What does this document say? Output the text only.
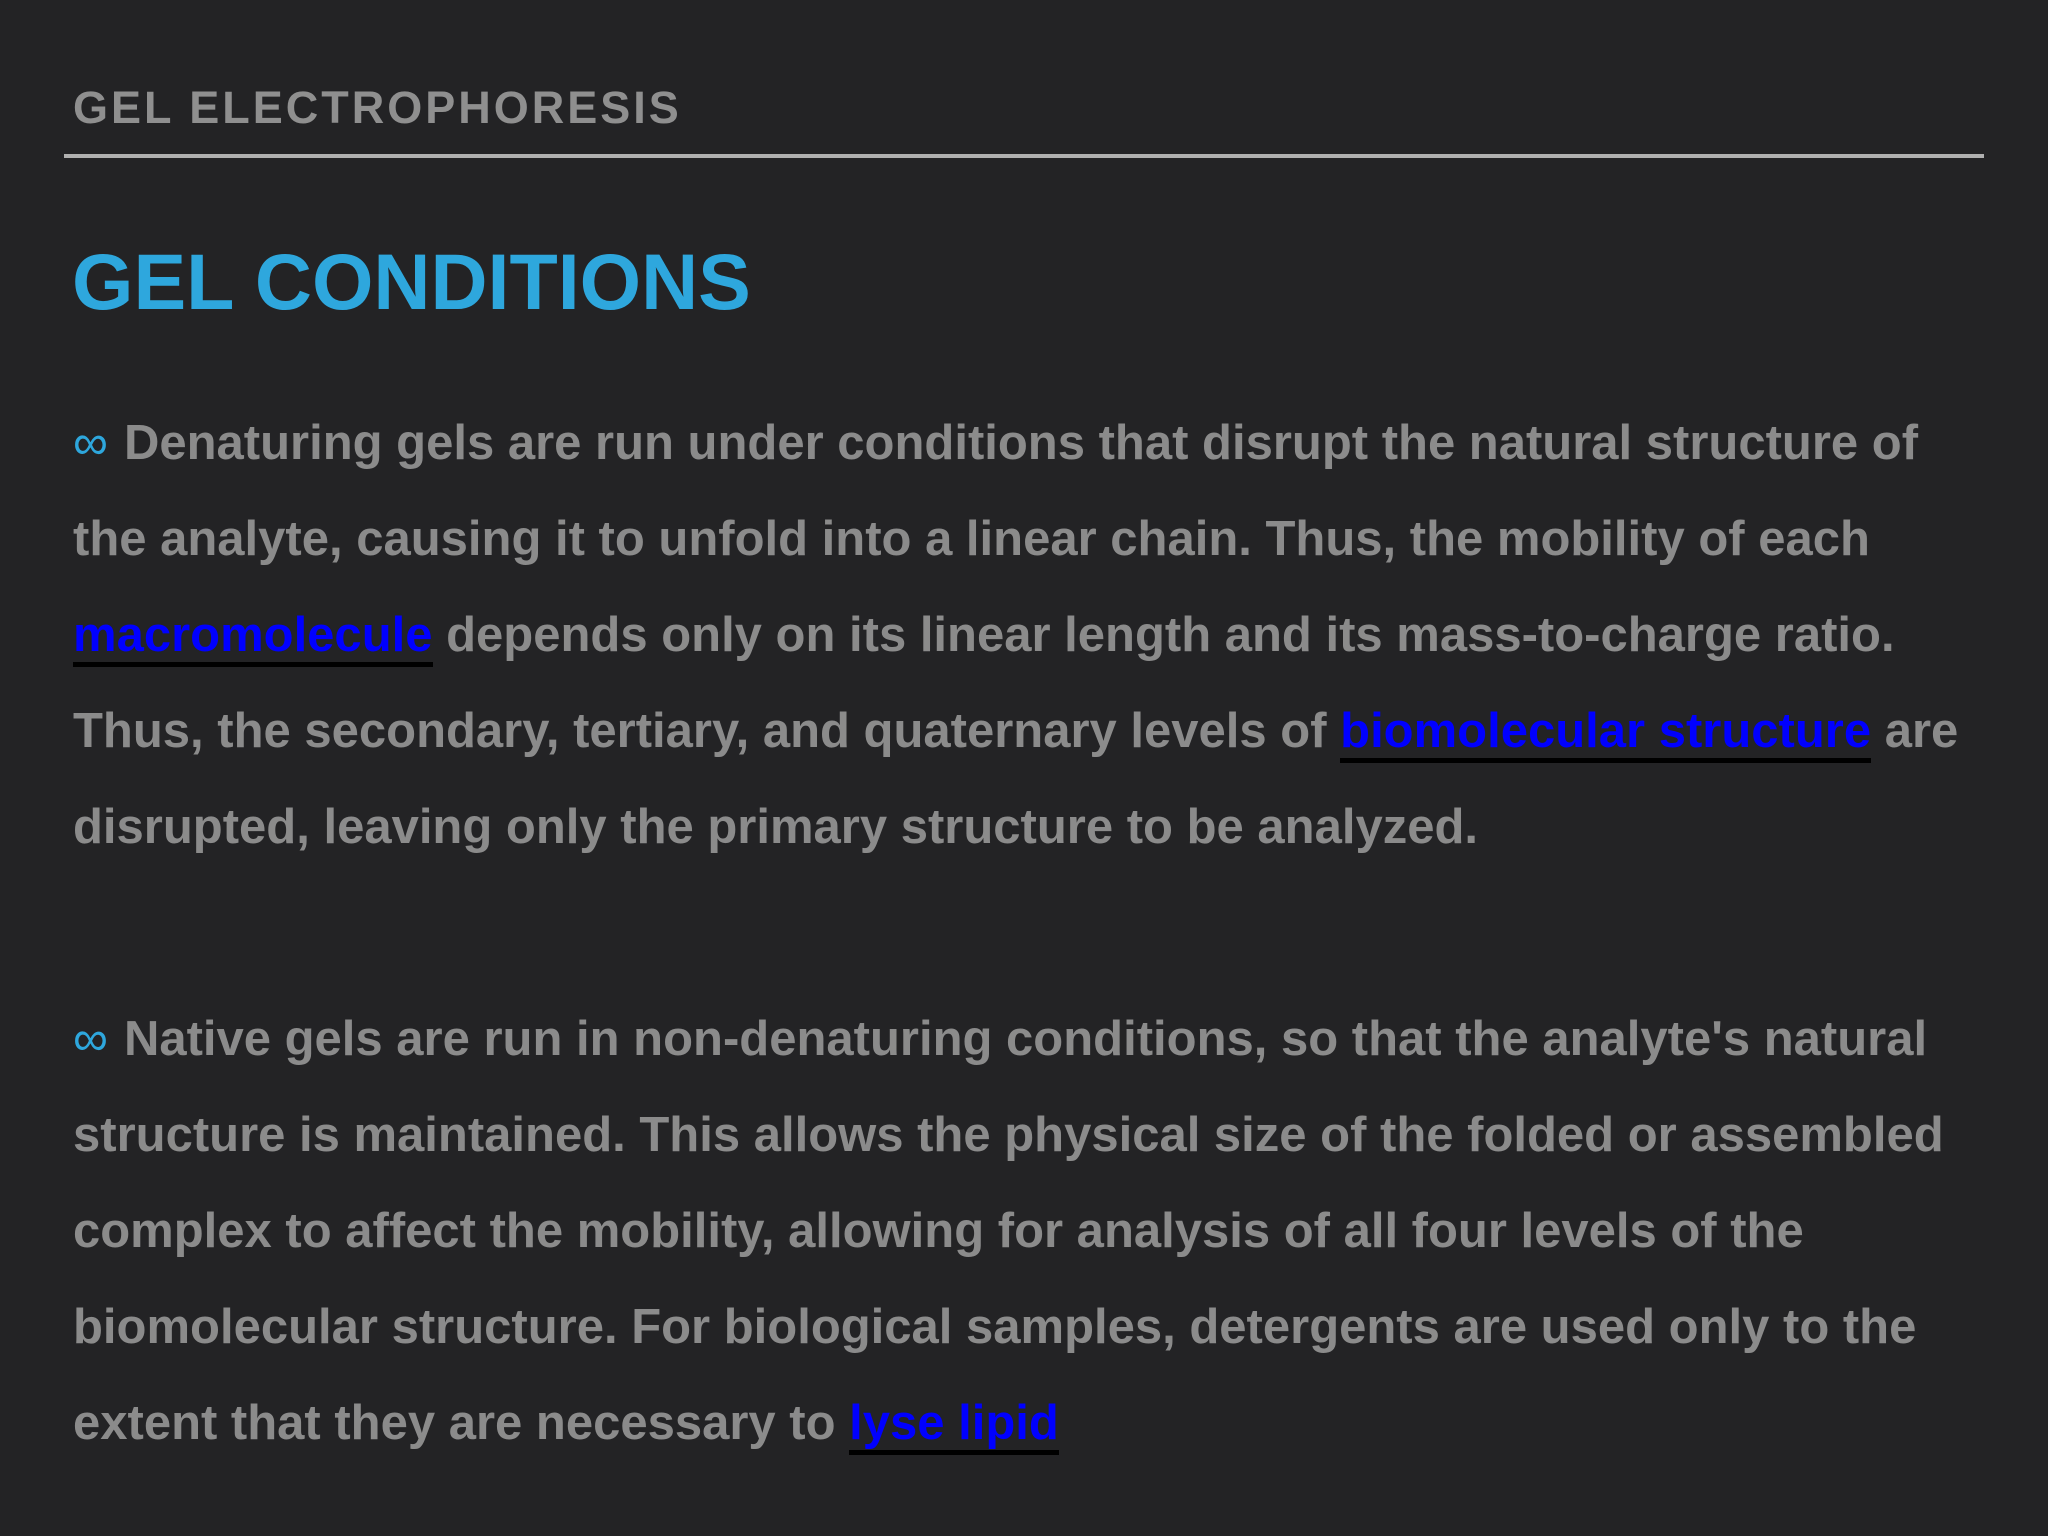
GEL ELECTROPHORESIS
GEL CONDITIONS

∞ Denaturing gels are run under conditions that disrupt the natural structure of the analyte, causing it to unfold into a linear chain. Thus, the mobility of each macromolecule depends only on its linear length and its mass-to-charge ratio. Thus, the secondary, tertiary, and quaternary levels of biomolecular structure are disrupted, leaving only the primary structure to be analyzed.

∞ Native gels are run in non-denaturing conditions, so that the analyte's natural structure is maintained. This allows the physical size of the folded or assembled complex to affect the mobility, allowing for analysis of all four levels of the biomolecular structure. For biological samples, detergents are used only to the extent that they are necessary to lyse lipid
